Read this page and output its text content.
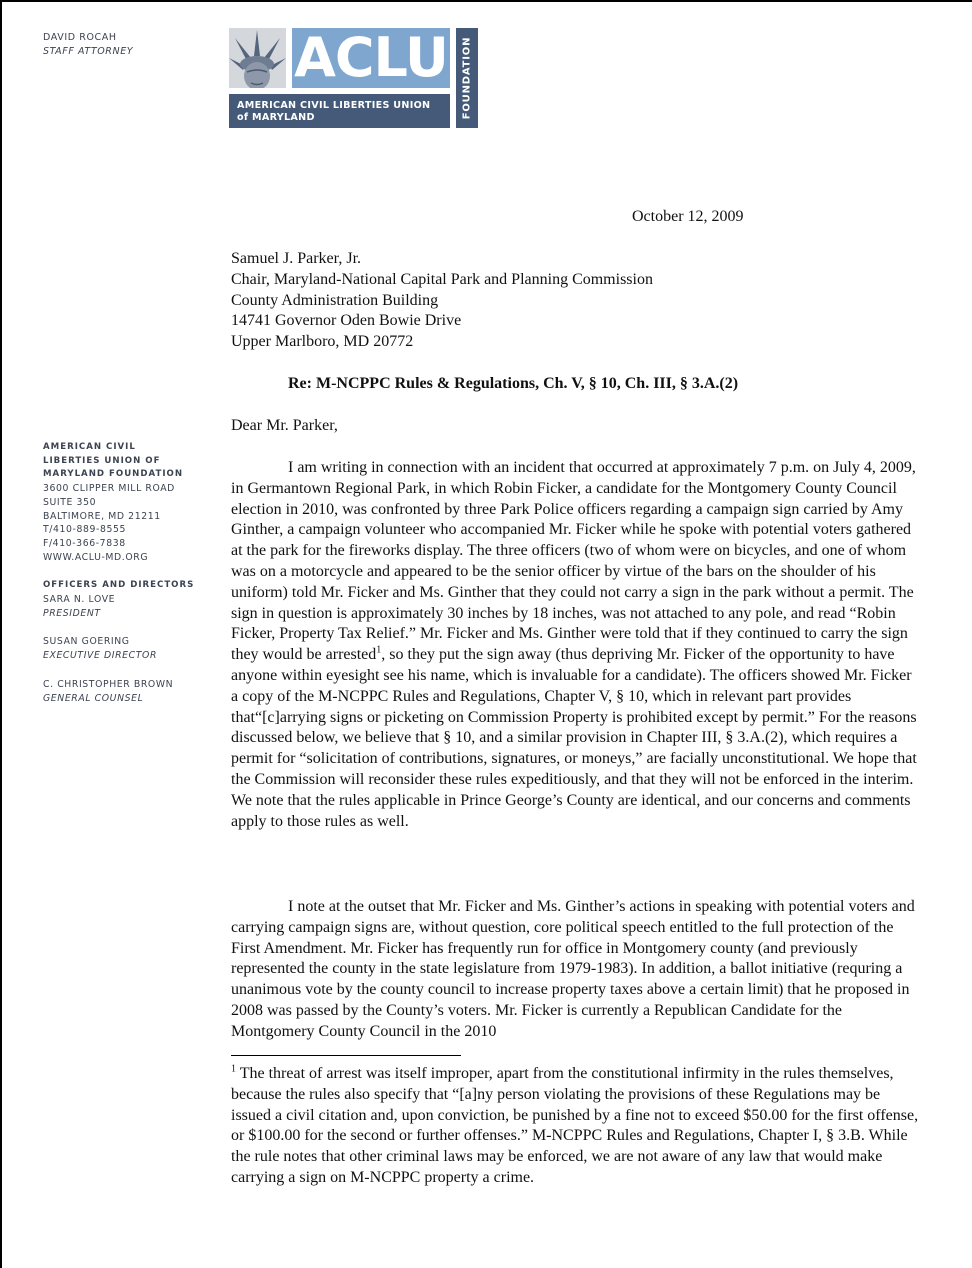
DAVID ROCAH
STAFF ATTORNEY	ACLU
AMERICAN CIVIL LIBERTIES UNION
of MARYLAND	FOUNDATION
AMERICAN CIVIL
LIBERTIES UNION OF
MARYLAND FOUNDATION
3600 CLIPPER MILL ROAD
SUITE 350
BALTIMORE, MD 21211
T/410-889-8555
F/410-366-7838
WWW.ACLU-MD.ORG
OFFICERS AND DIRECTORS
SARA N. LOVE
PRESIDENT
SUSAN GOERING
EXECUTIVE DIRECTOR
C. CHRISTOPHER BROWN
GENERAL COUNSEL
October 12, 2009
Samuel J. Parker, Jr.
Chair, Maryland-National Capital Park and Planning Commission
County Administration Building
14741 Governor Oden Bowie Drive
Upper Marlboro, MD 20772
Re: M-NCPPC Rules & Regulations, Ch. V, § 10, Ch. III, § 3.A.(2)
Dear Mr. Parker,

I am writing in connection with an incident that occurred at approximately 7 p.m. on July 4, 2009, in Germantown Regional Park, in which Robin Ficker, a candidate for the Montgomery County Council election in 2010, was confronted by three Park Police officers regarding a campaign sign carried by Amy Ginther, a campaign volunteer who accompanied Mr. Ficker while he spoke with potential voters gathered at the park for the fireworks display. The three officers (two of whom were on bicycles, and one of whom was on a motorcycle and appeared to be the senior officer by virtue of the bars on the shoulder of his uniform) told Mr. Ficker and Ms. Ginther that they could not carry a sign in the park without a permit. The sign in question is approximately 30 inches by 18 inches, was not attached to any pole, and read “Robin Ficker, Property Tax Relief.” Mr. Ficker and Ms. Ginther were told that if they continued to carry the sign they would be arrested$^1$, so they put the sign away (thus depriving Mr. Ficker of the opportunity to have anyone within eyesight see his name, which is invaluable for a candidate). The officers showed Mr. Ficker a copy of the M-NCPPC Rules and Regulations, Chapter V, § 10, which in relevant part provides that“[c]arrying signs or picketing on Commission Property is prohibited except by permit.” For the reasons discussed below, we believe that § 10, and a similar provision in Chapter III, § 3.A.(2), which requires a permit for “solicitation of contributions, signatures, or moneys,” are facially unconstitutional. We hope that the Commission will reconsider these rules expeditiously, and that they will not be enforced in the interim. We note that the rules applicable in Prince George’s County are identical, and our concerns and comments apply to those rules as well.

I note at the outset that Mr. Ficker and Ms. Ginther’s actions in speaking with potential voters and carrying campaign signs are, without question, core political speech entitled to the full protection of the First Amendment. Mr. Ficker has frequently run for office in Montgomery county (and previously represented the county in the state legislature from 1979-1983). In addition, a ballot initiative (requring a unanimous vote by the county council to increase property taxes above a certain limit) that he proposed in 2008 was passed by the County’s voters. Mr. Ficker is currently a Republican Candidate for the Montgomery County Council in the 2010

$^1$ The threat of arrest was itself improper, apart from the constitutional infirmity in the rules themselves, because the rules also specify that “[a]ny person violating the provisions of these Regulations may be issued a civil citation and, upon conviction, be punished by a fine not to exceed $50.00 for the first offense, or $100.00 for the second or further offenses.” M-NCPPC Rules and Regulations, Chapter I, § 3.B. While the rule notes that other criminal laws may be enforced, we are not aware of any law that would make carrying a sign on M-NCPPC property a crime.
